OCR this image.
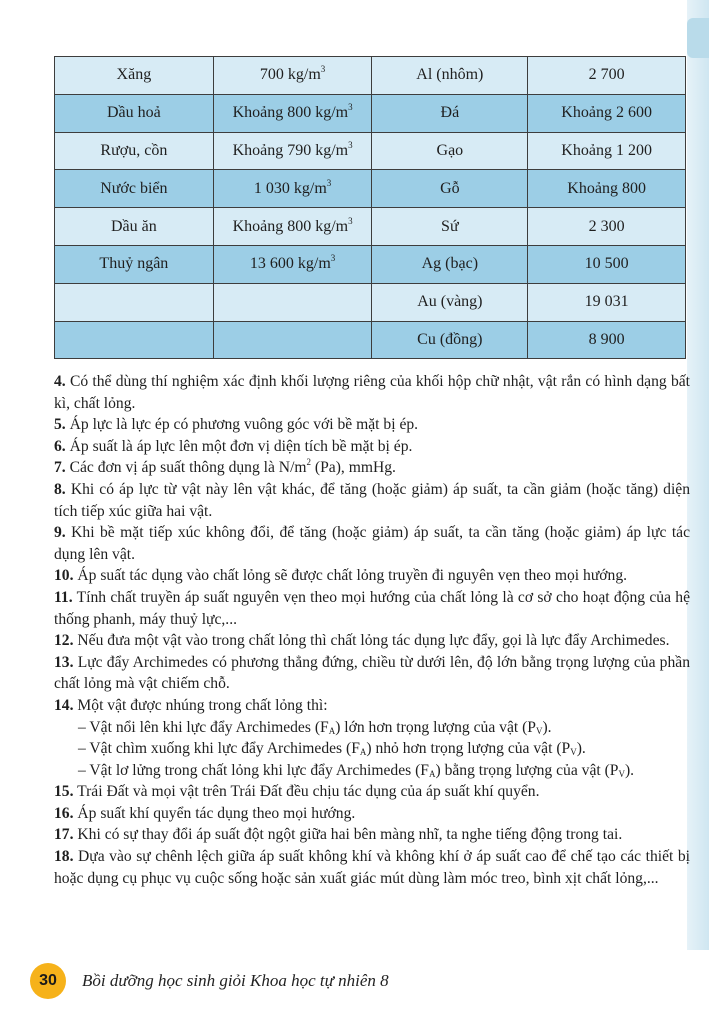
Xăng	700 $kg/m^3$	Al (nhôm)	2 700
Dầu hoả	Khoảng 800 $kg/m^3$	Đá	Khoảng 2 600
Rượu, cồn	Khoảng 790 $kg/m^3$	Gạo	Khoảng 1 200
Nước biển	1 030 $kg/m^3$	Gỗ	Khoảng 800
Dầu ăn	Khoảng 800 $kg/m^3$	Sứ	2 300
Thuỷ ngân	13 600 $kg/m^3$	Ag (bạc)	10 500
		Au (vàng)	19 031
		Cu (đồng)	8 900

4. Có thể dùng thí nghiệm xác định khối lượng riêng của khối hộp chữ nhật, vật rắn có hình dạng bất kì, chất lỏng.

5. Áp lực là lực ép có phương vuông góc với bề mặt bị ép.

6. Áp suất là áp lực lên một đơn vị diện tích bề mặt bị ép.

7. Các đơn vị áp suất thông dụng là $N/m^2$ (Pa), mmHg.

8. Khi có áp lực từ vật này lên vật khác, để tăng (hoặc giảm) áp suất, ta cần giảm (hoặc tăng) diện tích tiếp xúc giữa hai vật.

9. Khi bề mặt tiếp xúc không đổi, để tăng (hoặc giảm) áp suất, ta cần tăng (hoặc giảm) áp lực tác dụng lên vật.

10. Áp suất tác dụng vào chất lỏng sẽ được chất lỏng truyền đi nguyên vẹn theo mọi hướng.

11. Tính chất truyền áp suất nguyên vẹn theo mọi hướng của chất lỏng là cơ sở cho hoạt động của hệ thống phanh, máy thuỷ lực,...

12. Nếu đưa một vật vào trong chất lỏng thì chất lỏng tác dụng lực đẩy, gọi là lực đẩy Archimedes.

13. Lực đẩy Archimedes có phương thẳng đứng, chiều từ dưới lên, độ lớn bằng trọng lượng của phần chất lỏng mà vật chiếm chỗ.

14. Một vật được nhúng trong chất lỏng thì:

– Vật nổi lên khi lực đẩy Archimedes $(F_A)$ lớn hơn trọng lượng của vật $(P_V)$.

– Vật chìm xuống khi lực đẩy Archimedes $(F_A)$ nhỏ hơn trọng lượng của vật $(P_V)$.

– Vật lơ lửng trong chất lỏng khi lực đẩy Archimedes $(F_A)$ bằng trọng lượng của vật $(P_V)$.

15. Trái Đất và mọi vật trên Trái Đất đều chịu tác dụng của áp suất khí quyển.

16. Áp suất khí quyển tác dụng theo mọi hướng.

17. Khi có sự thay đổi áp suất đột ngột giữa hai bên màng nhĩ, ta nghe tiếng động trong tai.

18. Dựa vào sự chênh lệch giữa áp suất không khí và không khí ở áp suất cao để chế tạo các thiết bị hoặc dụng cụ phục vụ cuộc sống hoặc sản xuất giác mút dùng làm móc treo, bình xịt chất lỏng,...

30	Bồi dưỡng học sinh giỏi Khoa học tự nhiên 8
